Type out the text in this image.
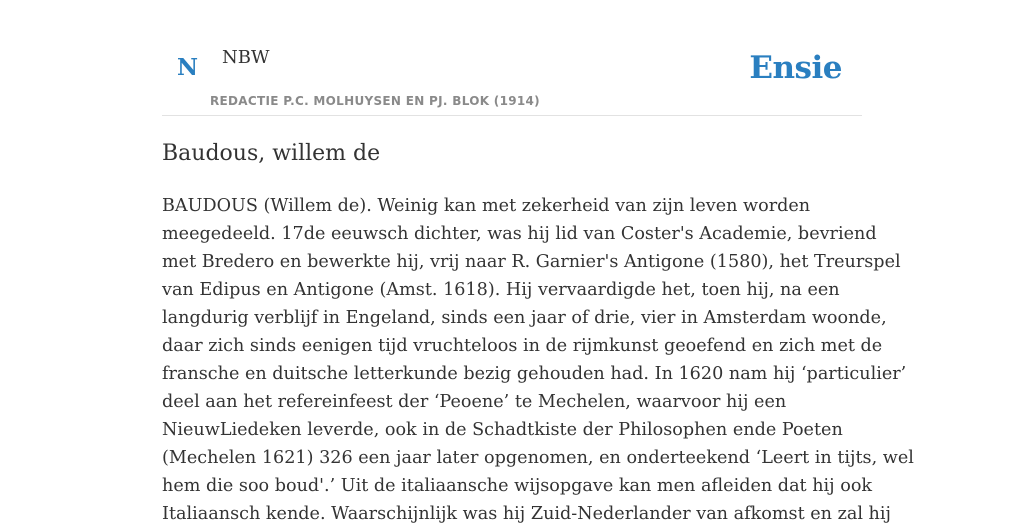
N NBW
REDACTIE P.C. MOLHUYSEN EN PJ. BLOK (1914)
Ensie
Baudous, willem de
BAUDOUS (Willem de). Weinig kan met zekerheid van zijn leven worden
meegedeeld. 17de eeuwsch dichter, was hij lid van Coster's Academie, bevriend
met Bredero en bewerkte hij, vrij naar R. Garnier's Antigone (1580), het Treurspel
van Edipus en Antigone (Amst. 1618). Hij vervaardigde het, toen hij, na een
langdurig verblijf in Engeland, sinds een jaar of drie, vier in Amsterdam woonde,
daar zich sinds eenigen tijd vruchteloos in de rijmkunst geoefend en zich met de
fransche en duitsche letterkunde bezig gehouden had. In 1620 nam hij ‘particulier’
deel aan het refereinfeest der ‘Peoene’ te Mechelen, waarvoor hij een
NieuwLiedeken leverde, ook in de Schadtkiste der Philosophen ende Poeten
(Mechelen 1621) 326 een jaar later opgenomen, en onderteekend ‘Leert in tijts, wel
hem die soo boud'.’ Uit de italiaansche wijsopgave kan men afleiden dat hij ook
Italiaansch kende. Waarschijnlijk was hij Zuid-Nederlander van afkomst en zal hij
